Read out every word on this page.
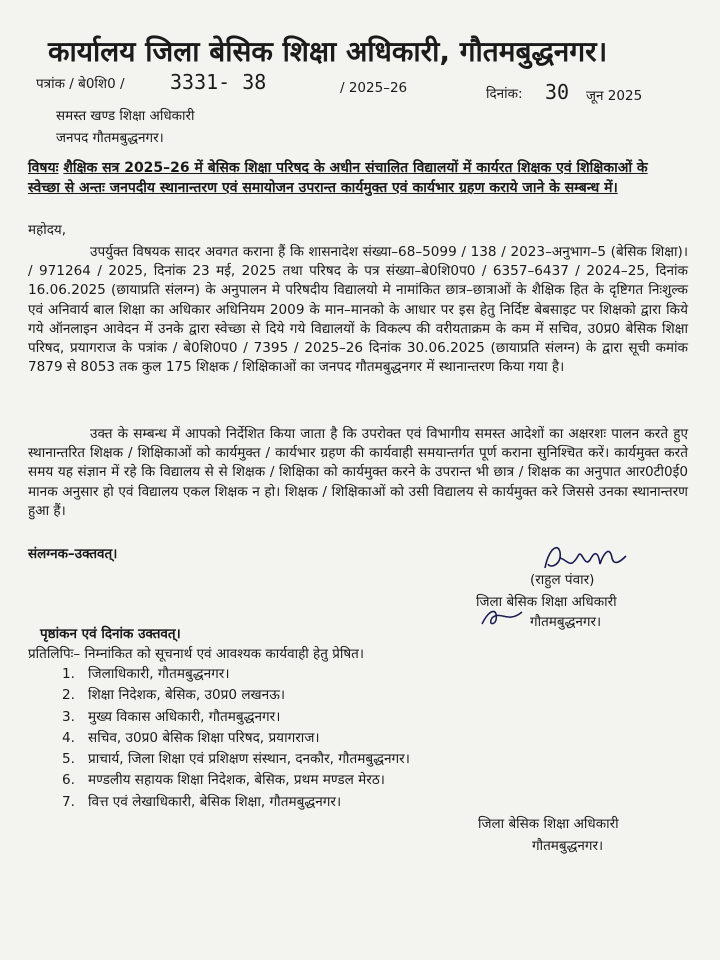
कार्यालय जिला बेसिक शिक्षा अधिकारी, गौतमबुद्धनगर।
पत्रांक / बे0शि0 / 3331- 38	/ 2025–26	दिनांक: 30 जून 2025
समस्त खण्ड शिक्षा अधिकारी
जनपद गौतमबुद्धनगर।
विषयः शैक्षिक सत्र 2025–26 में बेसिक शिक्षा परिषद के अधीन संचालित विद्यालयों में कार्यरत शिक्षक एवं शिक्षिकाओं के स्वेच्छा से अन्तः जनपदीय स्थानान्तरण एवं समायोजन उपरान्त कार्यमुक्त एवं कार्यभार ग्रहण कराये जाने के सम्बन्ध में।
महोदय,
उपर्युक्त विषयक सादर अवगत कराना हैं कि शासनादेश संख्या–68–5099 / 138 / 2023–अनुभाग–5 (बेसिक शिक्षा)। / 971264 / 2025, दिनांक 23 मई, 2025 तथा परिषद के पत्र संख्या–बे0शि0प0 / 6357–6437 / 2024–25, दिनांक 16.06.2025 (छायाप्रति संलग्न) के अनुपालन मे परिषदीय विद्यालयो मे नामांकित छात्र–छात्राओं के शैक्षिक हित के दृष्टिगत निःशुल्क एवं अनिवार्य बाल शिक्षा का अधिकार अधिनियम 2009 के मान–मानको के आधार पर इस हेतु निर्दिष्ट बेबसाइट पर शिक्षको द्वारा किये गये ऑनलाइन आवेदन में उनके द्वारा स्वेच्छा से दिये गये विद्यालयों के विकल्प की वरीयताक्रम के कम में सचिव, उ0प्र0 बेसिक शिक्षा परिषद, प्रयागराज के पत्रांक / बे0शि0प0 / 7395 / 2025–26 दिनांक 30.06.2025 (छायाप्रति संलग्न) के द्वारा सूची कमांक 7879 से 8053 तक कुल 175 शिक्षक / शिक्षिकाओं का जनपद गौतमबुद्धनगर में स्थानान्तरण किया गया है।
उक्त के सम्बन्ध में आपको निर्देशित किया जाता है कि उपरोक्त एवं विभागीय समस्त आदेशों का अक्षरशः पालन करते हुए स्थानान्तरित शिक्षक / शिक्षिकाओं को कार्यमुक्त / कार्यभार ग्रहण की कार्यवाही समयान्तर्गत पूर्ण कराना सुनिश्चित करें। कार्यमुक्त करते समय यह संज्ञान में रहे कि विद्यालय से से शिक्षक / शिक्षिका को कार्यमुक्त करने के उपरान्त भी छात्र / शिक्षक का अनुपात आर0टी0ई0 मानक अनुसार हो एवं विद्यालय एकल शिक्षक न हो। शिक्षक / शिक्षिकाओं को उसी विद्यालय से कार्यमुक्त करे जिससे उनका स्थानान्तरण हुआ हैं।
संलग्नक–उक्तवत्।
(राहुल पंवार)
जिला बेसिक शिक्षा अधिकारी
गौतमबुद्धनगर।
पृष्ठांकन एवं दिनांक उक्तवत्।
प्रतिलिपिः– निम्नांकित को सूचनार्थ एवं आवश्यक कार्यवाही हेतु प्रेषित।
1. जिलाधिकारी, गौतमबुद्धनगर।
2. शिक्षा निदेशक, बेसिक, उ0प्र0 लखनऊ।
3. मुख्य विकास अधिकारी, गौतमबुद्धनगर।
4. सचिव, उ0प्र0 बेसिक शिक्षा परिषद, प्रयागराज।
5. प्राचार्य, जिला शिक्षा एवं प्रशिक्षण संस्थान, दनकौर, गौतमबुद्धनगर।
6. मण्डलीय सहायक शिक्षा निदेशक, बेसिक, प्रथम मण्डल मेरठ।
7. वित्त एवं लेखाधिकारी, बेसिक शिक्षा, गौतमबुद्धनगर।
जिला बेसिक शिक्षा अधिकारी
गौतमबुद्धनगर।
